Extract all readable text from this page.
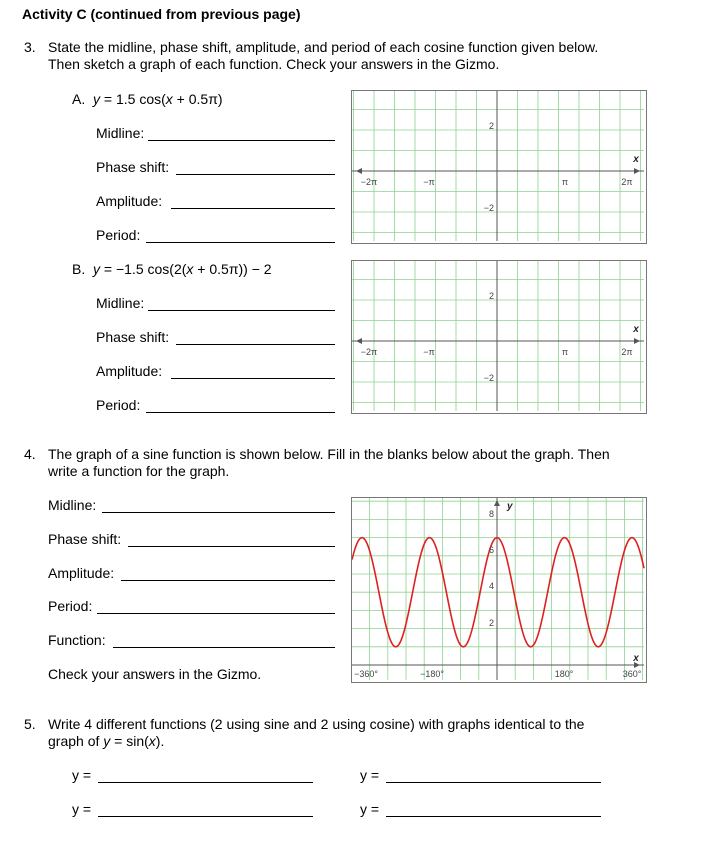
Activity C (continued from previous page)
3. State the midline, phase shift, amplitude, and period of each cosine function given below.
Then sketch a graph of each function. Check your answers in the Gizmo.
A. y = 1.5 cos(x + 0.5π)
Midline:
Phase shift:
Amplitude:
Period:
2
−2
−2π	−π	π	2π
x
B. y = −1.5 cos(2(x + 0.5π)) − 2
Midline:
Phase shift:
Amplitude:
Period:
2
−2
−2π	−π	π	2π
x
4. The graph of a sine function is shown below. Fill in the blanks below about the graph. Then
write a function for the graph.
Midline:
Phase shift:
Amplitude:
Period:
Function:
Check your answers in the Gizmo.
y
x
8
6
4
2
−360°	−180°	180°	360°
5. Write 4 different functions (2 using sine and 2 using cosine) with graphs identical to the
graph of y = sin(x).
y =	y =
y =	y =
